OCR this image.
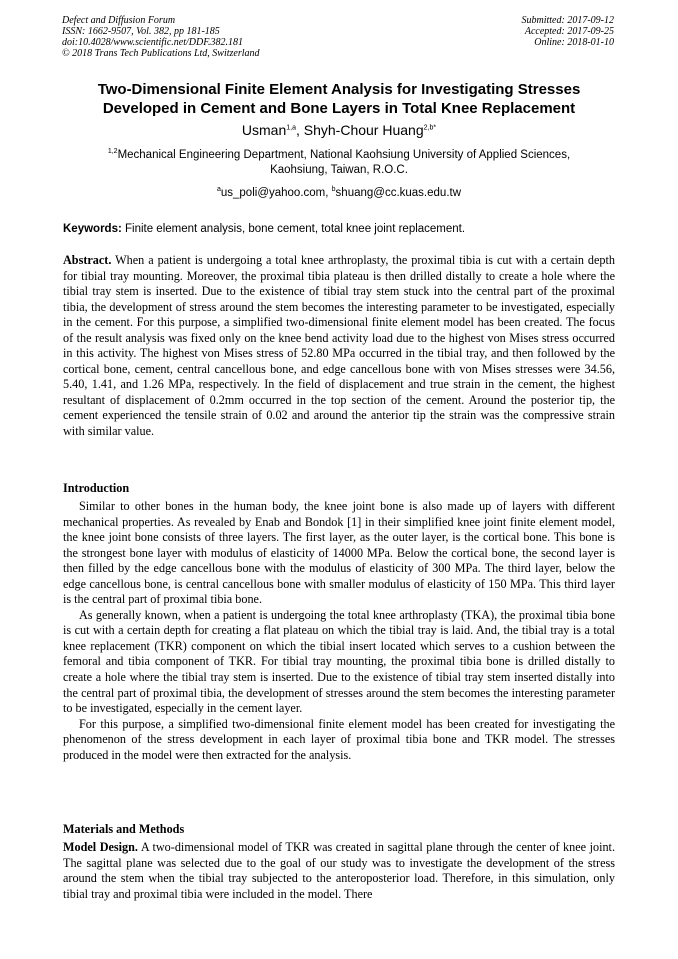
Defect and Diffusion Forum
ISSN: 1662-9507, Vol. 382, pp 181-185
doi:10.4028/www.scientific.net/DDF.382.181
© 2018 Trans Tech Publications Ltd, Switzerland
Submitted: 2017-09-12
Accepted: 2017-09-25
Online: 2018-01-10
Two-Dimensional Finite Element Analysis for Investigating Stresses
Developed in Cement and Bone Layers in Total Knee Replacement
Usman$^{1,a}$, Shyh-Chour Huang$^{2,b*}$
$^{1,2}$Mechanical Engineering Department, National Kaohsiung University of Applied Sciences,
Kaohsiung, Taiwan, R.O.C.
$^a$us_poli@yahoo.com, $^b$shuang@cc.kuas.edu.tw
Keywords: Finite element analysis, bone cement, total knee joint replacement.

Abstract. When a patient is undergoing a total knee arthroplasty, the proximal tibia is cut with a certain depth for tibial tray mounting. Moreover, the proximal tibia plateau is then drilled distally to create a hole where the tibial tray stem is inserted. Due to the existence of tibial tray stem stuck into the central part of the proximal tibia, the development of stress around the stem becomes the interesting parameter to be investigated, especially in the cement. For this purpose, a simplified two-dimensional finite element model has been created. The focus of the result analysis was fixed only on the knee bend activity load due to the highest von Mises stress occurred in this activity. The highest von Mises stress of 52.80 MPa occurred in the tibial tray, and then followed by the cortical bone, cement, central cancellous bone, and edge cancellous bone with von Mises stresses were 34.56, 5.40, 1.41, and 1.26 MPa, respectively. In the field of displacement and true strain in the cement, the highest resultant of displacement of 0.2mm occurred in the top section of the cement. Around the posterior tip, the cement experienced the tensile strain of 0.02 and around the anterior tip the strain was the compressive strain with similar value.

Introduction

Similar to other bones in the human body, the knee joint bone is also made up of layers with different mechanical properties. As revealed by Enab and Bondok [1] in their simplified knee joint finite element model, the knee joint bone consists of three layers. The first layer, as the outer layer, is the cortical bone. This bone is the strongest bone layer with modulus of elasticity of 14000 MPa. Below the cortical bone, the second layer is then filled by the edge cancellous bone with the modulus of elasticity of 300 MPa. The third layer, below the edge cancellous bone, is central cancellous bone with smaller modulus of elasticity of 150 MPa. This third layer is the central part of proximal tibia bone.

As generally known, when a patient is undergoing the total knee arthroplasty (TKA), the proximal tibia bone is cut with a certain depth for creating a flat plateau on which the tibial tray is laid. And, the tibial tray is a total knee replacement (TKR) component on which the tibial insert located which serves to a cushion between the femoral and tibia component of TKR. For tibial tray mounting, the proximal tibia bone is drilled distally to create a hole where the tibial tray stem is inserted. Due to the existence of tibial tray stem inserted distally into the central part of proximal tibia, the development of stresses around the stem becomes the interesting parameter to be investigated, especially in the cement layer.

For this purpose, a simplified two-dimensional finite element model has been created for investigating the phenomenon of the stress development in each layer of proximal tibia bone and TKR model. The stresses produced in the model were then extracted for the analysis.

Materials and Methods

Model Design. A two-dimensional model of TKR was created in sagittal plane through the center of knee joint. The sagittal plane was selected due to the goal of our study was to investigate the development of the stress around the stem when the tibial tray subjected to the anteroposterior load. Therefore, in this simulation, only tibial tray and proximal tibia were included in the model. There
